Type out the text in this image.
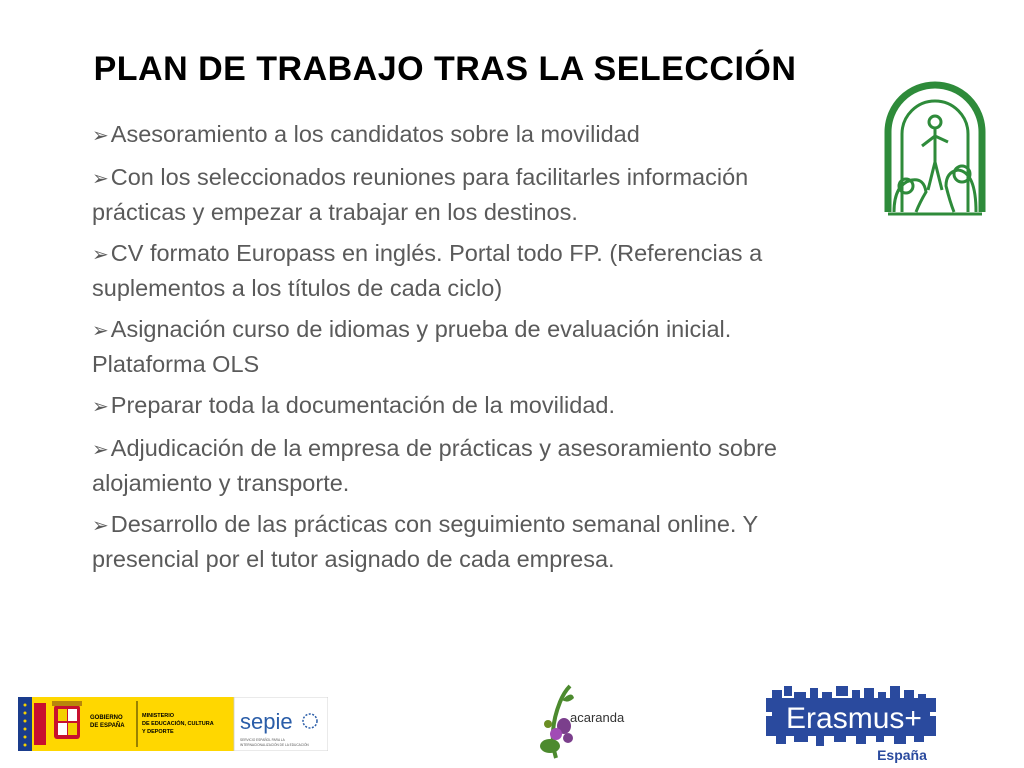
PLAN DE TRABAJO TRAS LA SELECCIÓN
➢Asesoramiento a los candidatos sobre la movilidad
➢Con los seleccionados reuniones para facilitarles información prácticas y empezar a trabajar en los destinos.
➢CV formato Europass en inglés. Portal todo FP. (Referencias a suplementos a los títulos de cada ciclo)
➢Asignación curso de idiomas y prueba de evaluación inicial. Plataforma OLS
➢Preparar toda la documentación de la movilidad.
➢Adjudicación de la empresa de prácticas y asesoramiento sobre alojamiento y transporte.
➢Desarrollo de las prácticas con seguimiento semanal online. Y presencial por el tutor asignado de cada empresa.
GOBIERNO
DE ESPAÑA
MINISTERIO
DE EDUCACIÓN, CULTURA
Y DEPORTE	sepie
SERVICIO ESPAÑOL PARA LA
INTERNACIONALIZACIÓN DE LA EDUCACIÓN
acaranda	Erasmus+
España
